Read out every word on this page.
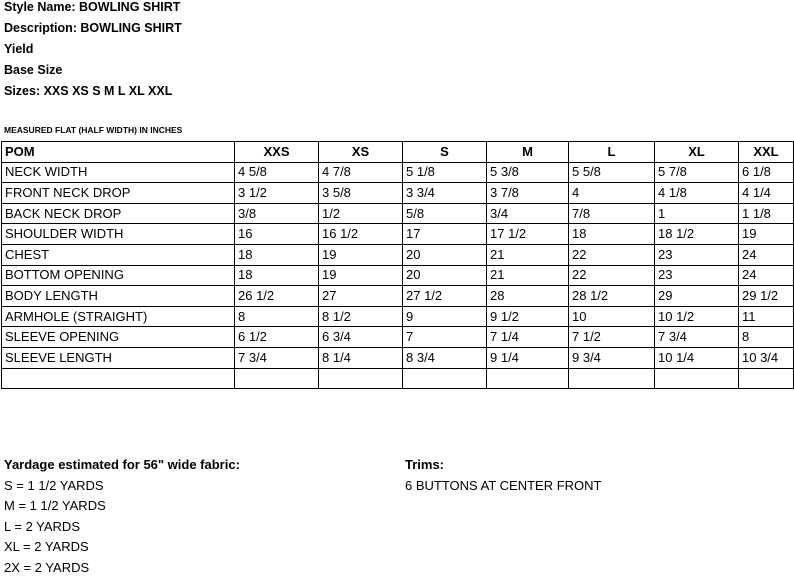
Style Name: BOWLING SHIRT
Description: BOWLING SHIRT
Yield
Base Size
Sizes: XXS XS S M L XL XXL
MEASURED FLAT (HALF WIDTH) IN INCHES
POM	XXS	XS	S	M	L	XL	XXL
NECK WIDTH	4 5/8	4 7/8	5 1/8	5 3/8	5 5/8	5 7/8	6 1/8
FRONT NECK DROP	3 1/2	3 5/8	3 3/4	3 7/8	4	4 1/8	4 1/4
BACK NECK DROP	3/8	1/2	5/8	3/4	7/8	1	1 1/8
SHOULDER WIDTH	16	16 1/2	17	17 1/2	18	18 1/2	19
CHEST	18	19	20	21	22	23	24
BOTTOM OPENING	18	19	20	21	22	23	24
BODY LENGTH	26 1/2	27	27 1/2	28	28 1/2	29	29 1/2
ARMHOLE (STRAIGHT)	8	8 1/2	9	9 1/2	10	10 1/2	11
SLEEVE OPENING	6 1/2	6 3/4	7	7 1/4	7 1/2	7 3/4	8
SLEEVE LENGTH	7 3/4	8 1/4	8 3/4	9 1/4	9 3/4	10 1/4	10 3/4

Yardage estimated for 56" wide fabric:
S = 1 1/2 YARDS
M = 1 1/2 YARDS
L = 2 YARDS
XL = 2 YARDS
2X = 2 YARDS
Trims:
6 BUTTONS AT CENTER FRONT
